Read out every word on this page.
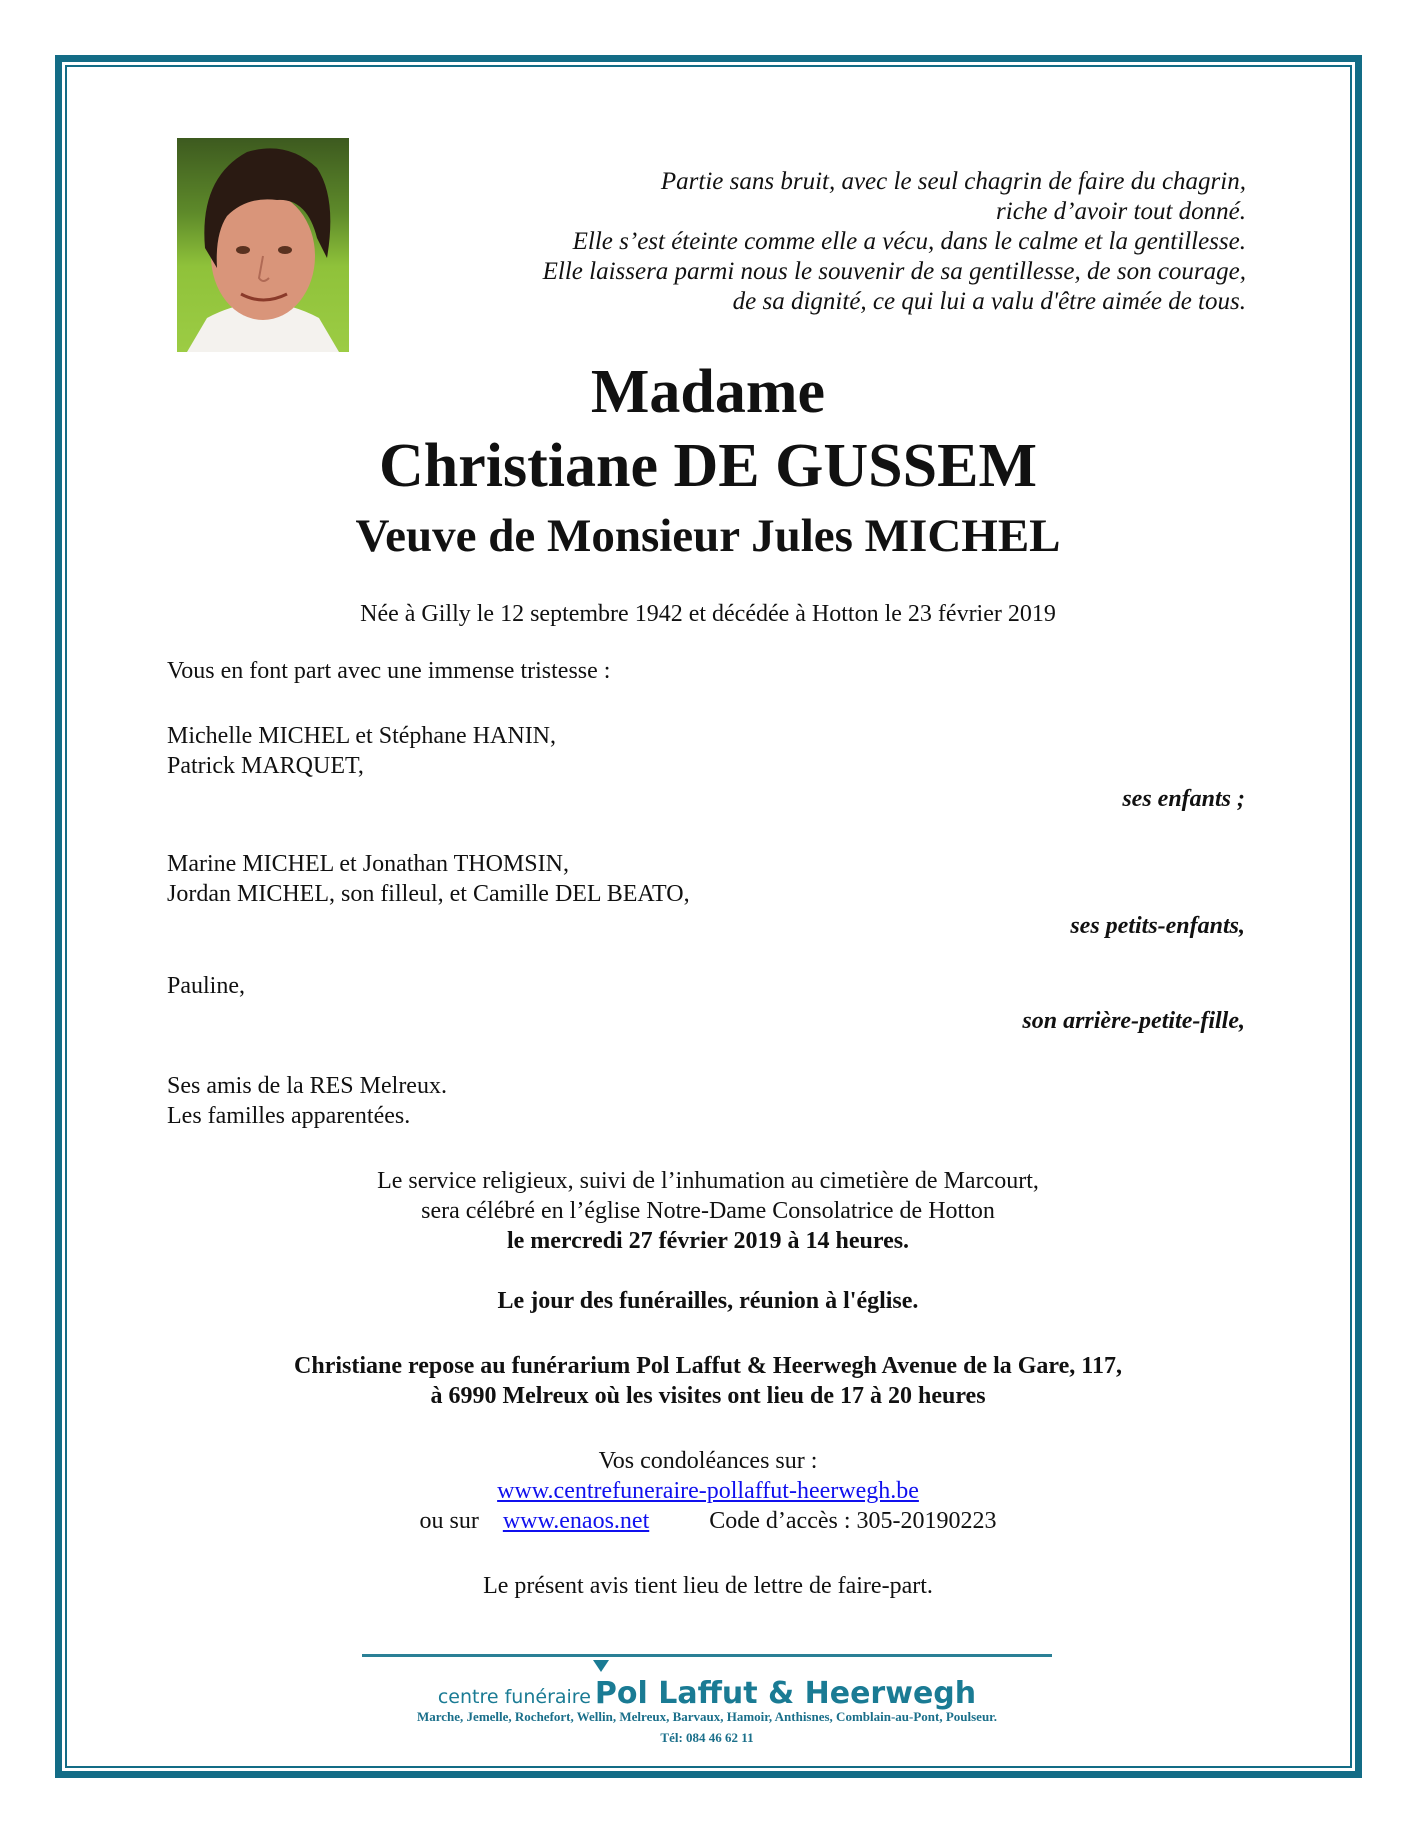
Partie sans bruit, avec le seul chagrin de faire du chagrin,
riche d’avoir tout donné.
Elle s’est éteinte comme elle a vécu, dans le calme et la gentillesse.
Elle laissera parmi nous le souvenir de sa gentillesse, de son courage,
de sa dignité, ce qui lui a valu d'être aimée de tous.
Madame
Christiane DE GUSSEM
Veuve de Monsieur Jules MICHEL
Née à Gilly le 12 septembre 1942 et décédée à Hotton le 23 février 2019
Vous en font part avec une immense tristesse :
Michelle MICHEL et Stéphane HANIN,
Patrick MARQUET,
ses enfants ;
Marine MICHEL et Jonathan THOMSIN,
Jordan MICHEL, son filleul, et Camille DEL BEATO,
ses petits-enfants,
Pauline,
son arrière-petite-fille,
Ses amis de la RES Melreux.
Les familles apparentées.
Le service religieux, suivi de l’inhumation au cimetière de Marcourt,
sera célébré en l’église Notre-Dame Consolatrice de Hotton
le mercredi 27 février 2019 à 14 heures.
Le jour des funérailles, réunion à l'église.
Christiane repose au funérarium Pol Laffut & Heerwegh Avenue de la Gare, 117,
à 6990 Melreux où les visites ont lieu de 17 à 20 heures
Vos condoléances sur :
www.centrefuneraire-pollaffut-heerwegh.be
ou sur www.enaos.net	Code d’accès : 305-20190223
Le présent avis tient lieu de lettre de faire-part.
centre funéraire Pol Laffut & Heerwegh
Marche, Jemelle, Rochefort, Wellin, Melreux, Barvaux, Hamoir, Anthisnes, Comblain-au-Pont, Poulseur.
Tél: 084 46 62 11
